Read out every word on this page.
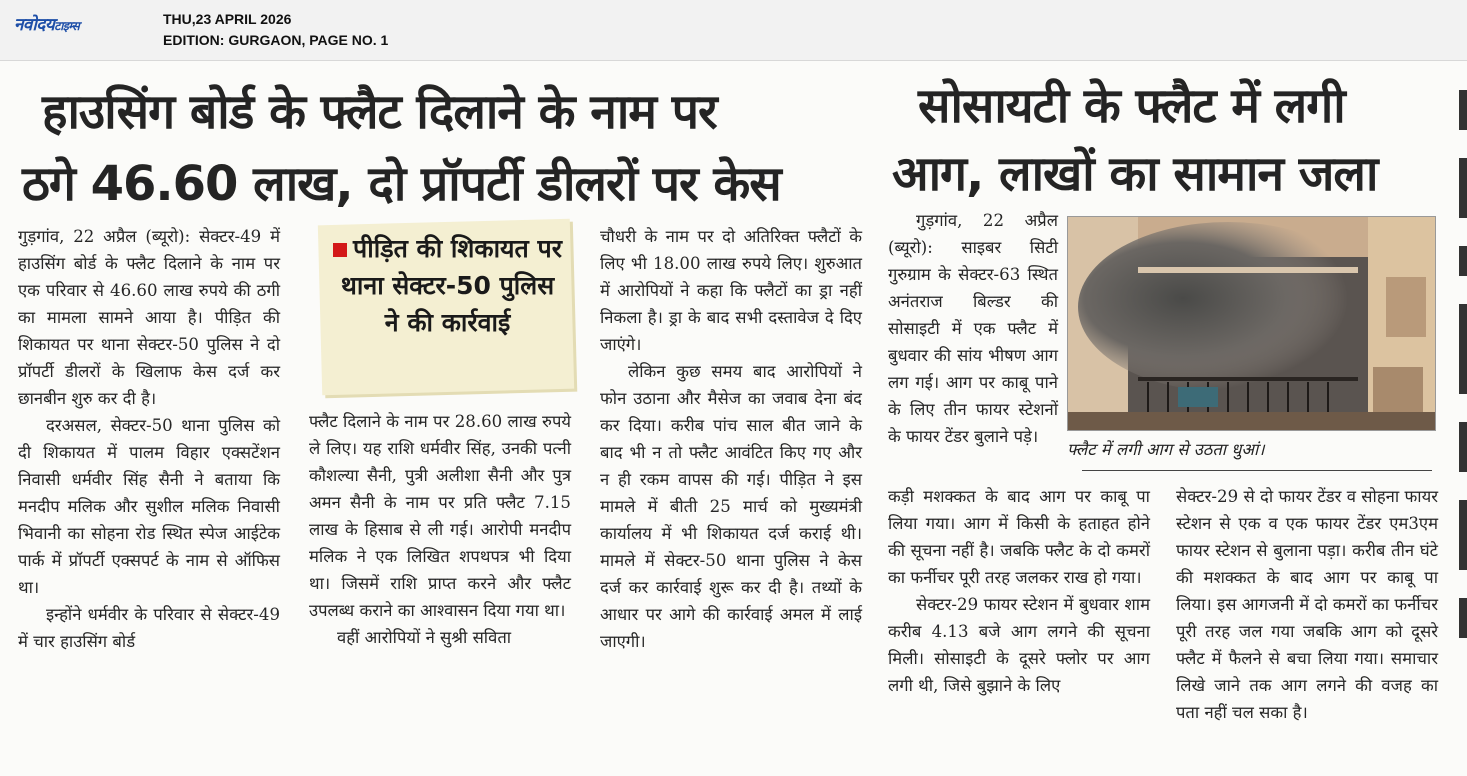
नवोदयटाइम्स	THU,23 APRIL 2026
EDITION: GURGAON, PAGE NO. 1
हाउसिंग बोर्ड के फ्लैट दिलाने के नाम पर
ठगे 46.60 लाख, दो प्रॉपर्टी डीलरों पर केस

गुड़गांव, 22 अप्रैल (ब्यूरो): सेक्टर-49 में हाउसिंग बोर्ड के फ्लैट दिलाने के नाम पर एक परिवार से 46.60 लाख रुपये की ठगी का मामला सामने आया है। पीड़ित की शिकायत पर थाना सेक्टर-50 पुलिस ने दो प्रॉपर्टी डीलरों के खिलाफ केस दर्ज कर छानबीन शुरु कर दी है।

दरअसल, सेक्टर-50 थाना पुलिस को दी शिकायत में पालम विहार एक्सटेंशन निवासी धर्मवीर सिंह सैनी ने बताया कि मनदीप मलिक और सुशील मलिक निवासी भिवानी का सोहना रोड स्थित स्पेज आईटेक पार्क में प्रॉपर्टी एक्सपर्ट के नाम से ऑफिस था।

इन्होंने धर्मवीर के परिवार से सेक्टर-49 में चार हाउसिंग बोर्ड

पीड़ित की शिकायत पर थाना सेक्टर-50 पुलिस ने की कार्रवाई

फ्लैट दिलाने के नाम पर 28.60 लाख रुपये ले लिए। यह राशि धर्मवीर सिंह, उनकी पत्नी कौशल्या सैनी, पुत्री अलीशा सैनी और पुत्र अमन सैनी के नाम पर प्रति फ्लैट 7.15 लाख के हिसाब से ली गई। आरोपी मनदीप मलिक ने एक लिखित शपथपत्र भी दिया था। जिसमें राशि प्राप्त करने और फ्लैट उपलब्ध कराने का आश्वासन दिया गया था।

वहीं आरोपियों ने सुश्री सविता

चौधरी के नाम पर दो अतिरिक्त फ्लैटों के लिए भी 18.00 लाख रुपये लिए। शुरुआत में आरोपियों ने कहा कि फ्लैटों का ड्रा नहीं निकला है। ड्रा के बाद सभी दस्तावेज दे दिए जाएंगे।

लेकिन कुछ समय बाद आरोपियों ने फोन उठाना और मैसेज का जवाब देना बंद कर दिया। करीब पांच साल बीत जाने के बाद भी न तो फ्लैट आवंटित किए गए और न ही रकम वापस की गई। पीड़ित ने इस मामले में बीती 25 मार्च को मुख्यमंत्री कार्यालय में भी शिकायत दर्ज कराई थी। मामले में सेक्टर-50 थाना पुलिस ने केस दर्ज कर कार्रवाई शुरू कर दी है। तथ्यों के आधार पर आगे की कार्रवाई अमल में लाई जाएगी।

सोसायटी के फ्लैट में लगी
आग, लाखों का सामान जला

गुड़गांव, 22 अप्रैल (ब्यूरो): साइबर सिटी गुरुग्राम के सेक्टर-63 स्थित अनंतराज बिल्डर की सोसाइटी में एक फ्लैट में बुधवार की सांय भीषण आग लग गई। आग पर काबू पाने के लिए तीन फायर स्टेशनों के फायर टेंडर बुलाने पड़े।

फ्लैट में लगी आग से उठता धुआं।

कड़ी मशक्कत के बाद आग पर काबू पा लिया गया। आग में किसी के हताहत होने की सूचना नहीं है। जबकि फ्लैट के दो कमरों का फर्नीचर पूरी तरह जलकर राख हो गया।

सेक्टर-29 फायर स्टेशन में बुधवार शाम करीब 4.13 बजे आग लगने की सूचना मिली। सोसाइटी के दूसरे फ्लोर पर आग लगी थी, जिसे बुझाने के लिए

सेक्टर-29 से दो फायर टेंडर व सोहना फायर स्टेशन से एक व एक फायर टेंडर एम3एम फायर स्टेशन से बुलाना पड़ा। करीब तीन घंटे की मशक्कत के बाद आग पर काबू पा लिया। इस आगजनी में दो कमरों का फर्नीचर पूरी तरह जल गया जबकि आग को दूसरे फ्लैट में फैलने से बचा लिया गया। समाचार लिखे जाने तक आग लगने की वजह का पता नहीं चल सका है।
